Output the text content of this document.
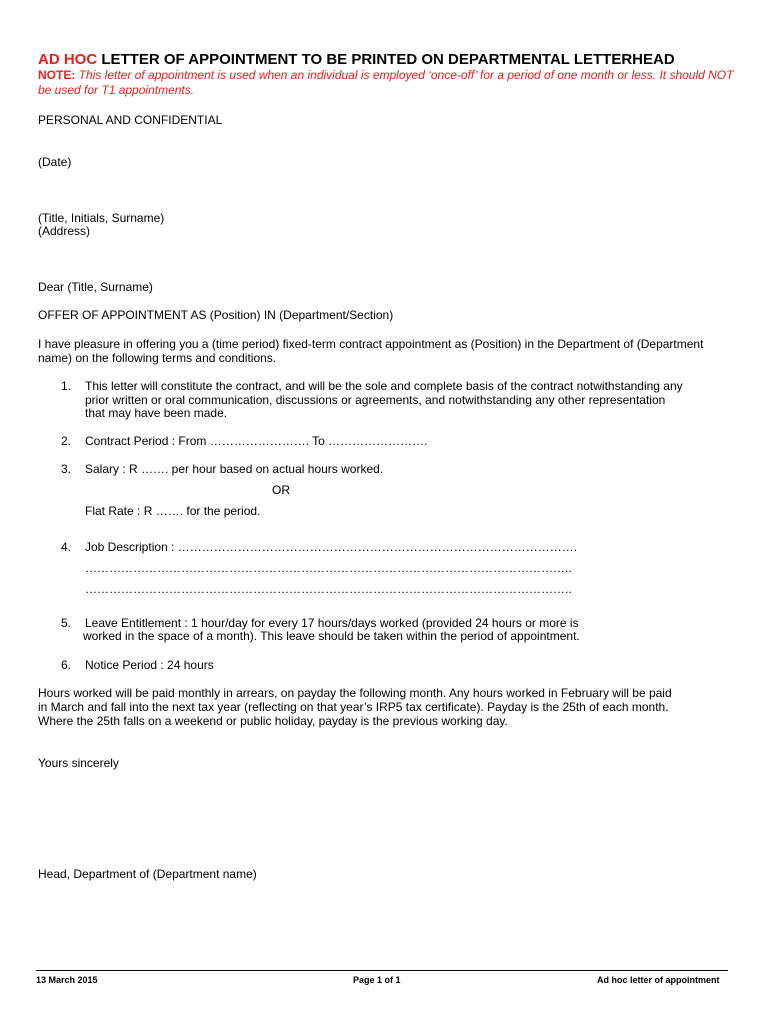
AD HOC LETTER OF APPOINTMENT TO BE PRINTED ON DEPARTMENTAL LETTERHEAD
NOTE: This letter of appointment is used when an individual is employed ‘once-off’ for a period of one month or less. It should NOT be used for T1 appointments.
PERSONAL AND CONFIDENTIAL
(Date)
(Title, Initials, Surname)
(Address)
Dear (Title, Surname)
OFFER OF APPOINTMENT AS (Position) IN (Department/Section)
I have pleasure in offering you a (time period) fixed-term contract appointment as (Position) in the Department of (Department name) on the following terms and conditions.
1. This letter will constitute the contract, and will be the sole and complete basis of the contract notwithstanding any
prior written or oral communication, discussions or agreements, and notwithstanding any other representation
that may have been made.
2. Contract Period : From ……………………. To …………………….
3. Salary : R ……. per hour based on actual hours worked.
OR
Flat Rate : R ……. for the period.
4. Job Description : ……………………………………………………………………………………….
…………………………………………………………………………………………………………..
…………………………………………………………………………………………………………..
5. Leave Entitlement : 1 hour/day for every 17 hours/days worked (provided 24 hours or more is
worked in the space of a month). This leave should be taken within the period of appointment.
6. Notice Period : 24 hours
Hours worked will be paid monthly in arrears, on payday the following month. Any hours worked in February will be paid
in March and fall into the next tax year (reflecting on that year’s IRP5 tax certificate). Payday is the 25th of each month.
Where the 25th falls on a weekend or public holiday, payday is the previous working day.
Yours sincerely
Head, Department of (Department name)
13 March 2015	Page 1 of 1	Ad hoc letter of appointment
